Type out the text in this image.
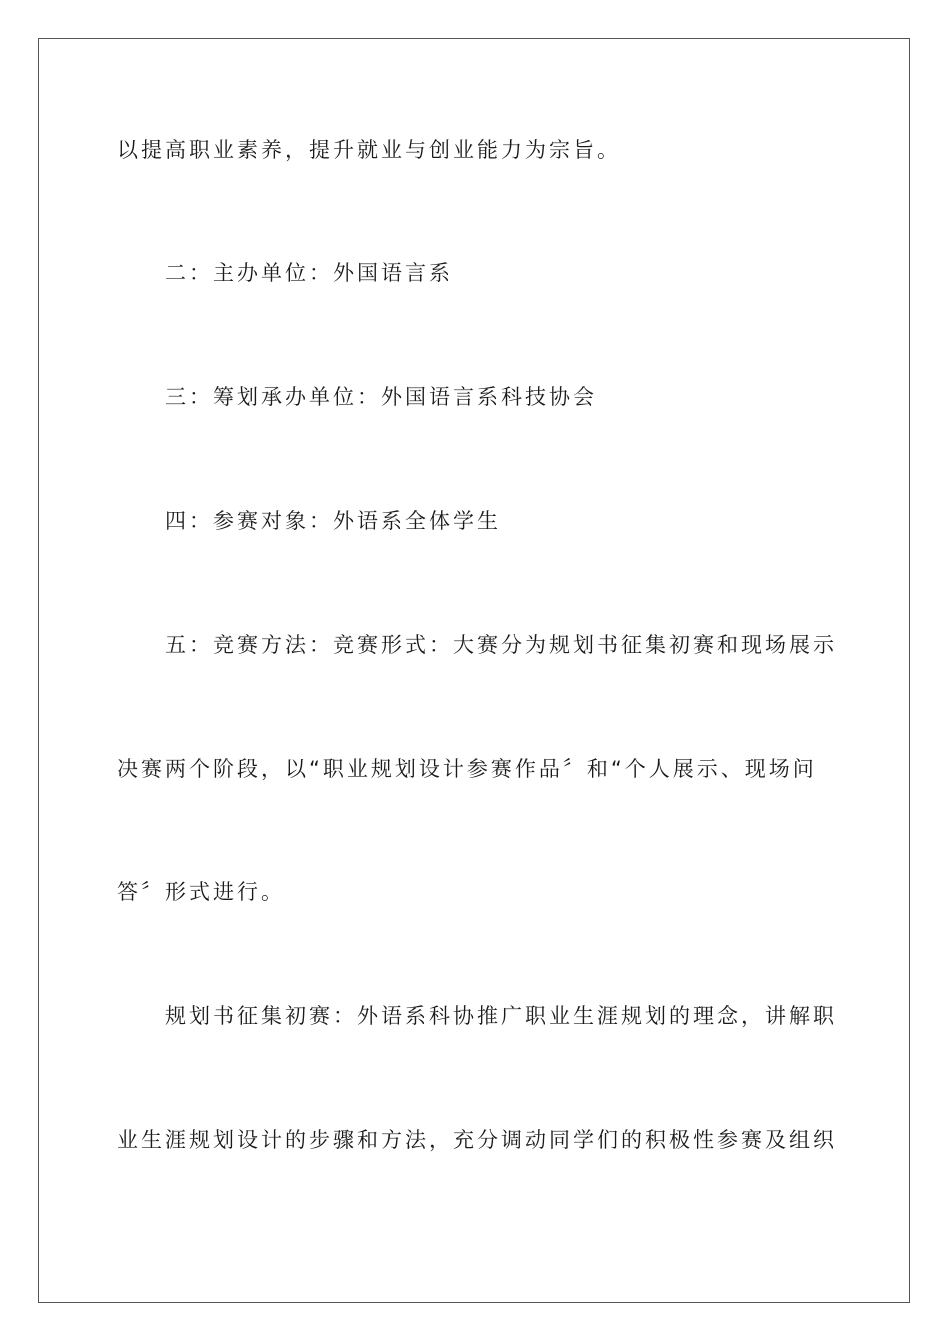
以提高职业素养，提升就业与创业能力为宗旨。
二：主办单位：外国语言系
三：筹划承办单位：外国语言系科技协会
四：参赛对象：外语系全体学生
五：竞赛方法：竞赛形式：大赛分为规划书征集初赛和现场展示
决赛两个阶段，以“职业规划设计参赛作品〞和“个人展示、现场问
答〞形式进行。
规划书征集初赛：外语系科协推广职业生涯规划的理念，讲解职
业生涯规划设计的步骤和方法，充分调动同学们的积极性参赛及组织
